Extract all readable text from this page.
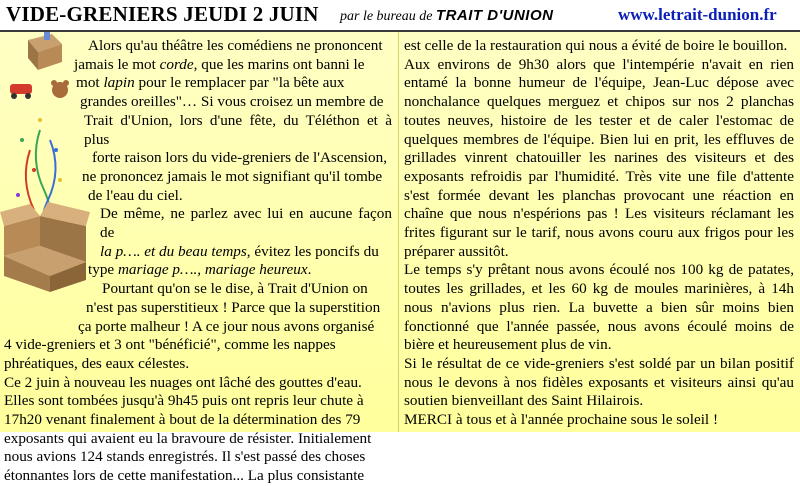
VIDE-GRENIERS JEUDI 2 JUIN par le bureau de TRAIT D'UNION	www.letrait-dunion.fr

Alors qu'au théâtre les comédiens ne prononcent
jamais le mot corde, que les marins ont banni le
mot lapin pour le remplacer par "la bête aux
grandes oreilles"… Si vous croisez un membre de
Trait d'Union, lors d'une fête, du Téléthon et à plus
forte raison lors du vide-greniers de l'Ascension,
ne prononcez jamais le mot signifiant qu'il tombe
de l'eau du ciel.

De même, ne parlez avec lui en aucune façon de
la p…. et du beau temps, évitez les poncifs du
type mariage p…., mariage heureux.

Pourtant qu'on se le dise, à Trait d'Union on
n'est pas superstitieux ! Parce que la superstition
ça porte malheur ! A ce jour nous avons organisé
4 vide-greniers et 3 ont "bénéficié", comme les nappes
phréatiques, des eaux célestes.

Ce 2 juin à nouveau les nuages ont lâché des gouttes d'eau.
Elles sont tombées jusqu'à 9h45 puis ont repris leur chute à
17h20 venant finalement à bout de la détermination des 79
exposants qui avaient eu la bravoure de résister. Initialement
nous avions 124 stands enregistrés. Il s'est passé des choses
étonnantes lors de cette manifestation... La plus consistante

est celle de la restauration qui nous a évité de boire le bouillon.

Aux environs de 9h30 alors que l'intempérie n'avait en rien entamé la bonne humeur de l'équipe, Jean-Luc dépose avec nonchalance quelques merguez et chipos sur nos 2 planchas toutes neuves, histoire de les tester et de caler l'estomac de quelques membres de l'équipe. Bien lui en prit, les effluves de grillades vinrent chatouiller les narines des visiteurs et des exposants refroidis par l'humidité. Très vite une file d'attente s'est formée devant les planchas provocant une réaction en chaîne que nous n'espérions pas ! Les visiteurs réclamant les frites figurant sur le tarif, nous avons couru aux frigos pour les préparer aussitôt.

Le temps s'y prêtant nous avons écoulé nos 100 kg de patates, toutes les grillades, et les 60 kg de moules marinières, à 14h nous n'avions plus rien. La buvette a bien sûr moins bien fonctionné que l'année passée, nous avons écoulé moins de bière et heureusement plus de vin.

Si le résultat de ce vide-greniers s'est soldé par un bilan positif nous le devons à nos fidèles exposants et visiteurs ainsi qu'au soutien bienveillant des Saint Hilairois.

MERCI à tous et à l'année prochaine sous le soleil !
